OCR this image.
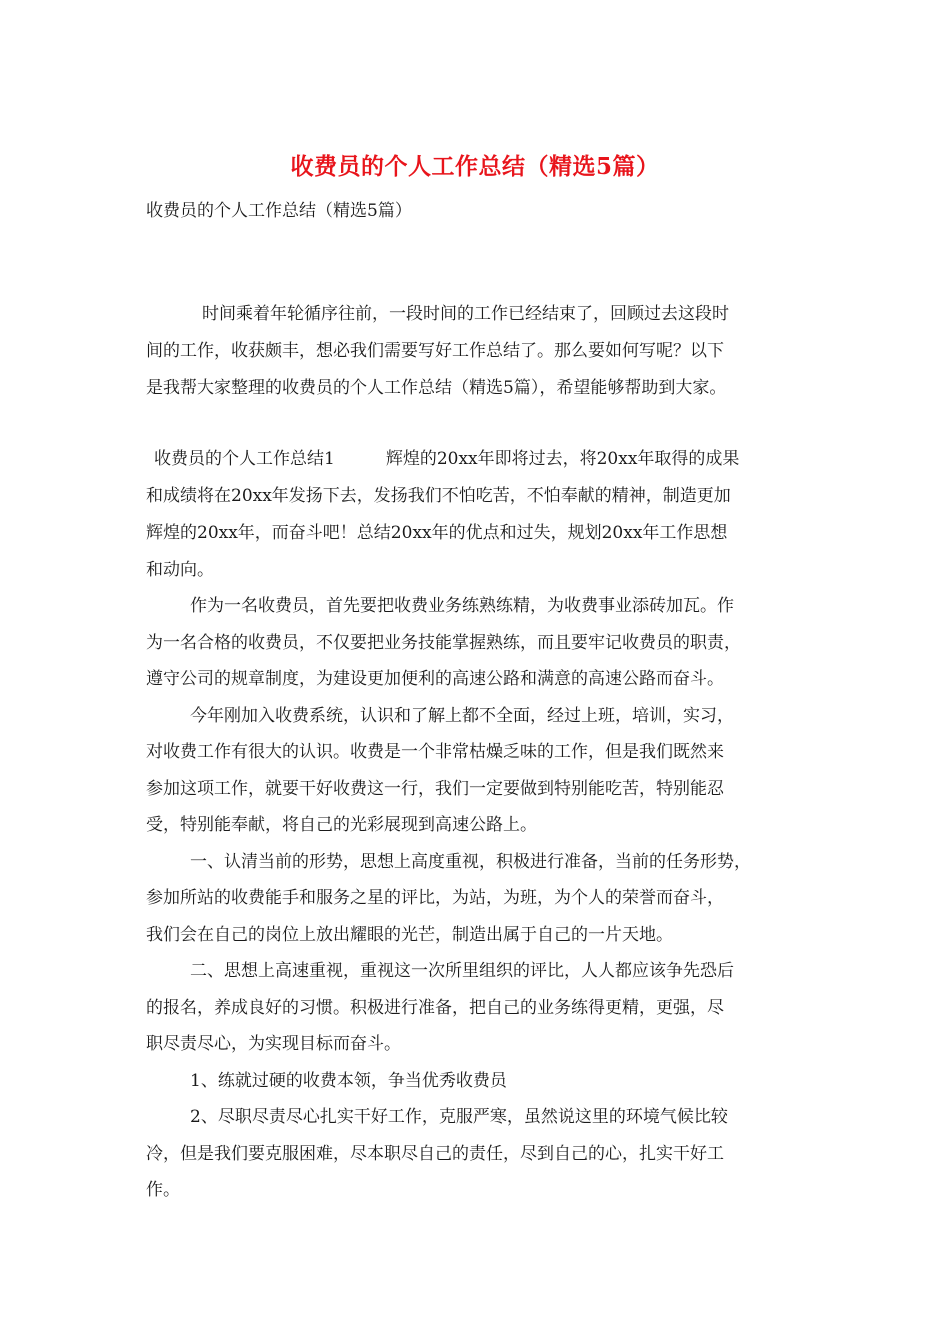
收费员的个人工作总结（精选5篇）
收费员的个人工作总结（精选5篇）
时间乘着年轮循序往前，一段时间的工作已经结束了，回顾过去这段时
间的工作，收获颇丰，想必我们需要写好工作总结了。那么要如何写呢？以下
是我帮大家整理的收费员的个人工作总结（精选5篇），希望能够帮助到大家。
收费员的个人工作总结1　　　辉煌的20xx年即将过去，将20xx年取得的成果
和成绩将在20xx年发扬下去，发扬我们不怕吃苦，不怕奉献的精神，制造更加
辉煌的20xx年，而奋斗吧！总结20xx年的优点和过失，规划20xx年工作思想
和动向。
作为一名收费员，首先要把收费业务练熟练精，为收费事业添砖加瓦。作
为一名合格的收费员，不仅要把业务技能掌握熟练，而且要牢记收费员的职责，
遵守公司的规章制度，为建设更加便利的高速公路和满意的高速公路而奋斗。
今年刚加入收费系统，认识和了解上都不全面，经过上班，培训，实习，
对收费工作有很大的认识。收费是一个非常枯燥乏味的工作，但是我们既然来
参加这项工作，就要干好收费这一行，我们一定要做到特别能吃苦，特别能忍
受，特别能奉献，将自己的光彩展现到高速公路上。
一、认清当前的形势，思想上高度重视，积极进行准备，当前的任务形势，
参加所站的收费能手和服务之星的评比，为站，为班，为个人的荣誉而奋斗，
我们会在自己的岗位上放出耀眼的光芒，制造出属于自己的一片天地。
二、思想上高速重视，重视这一次所里组织的评比，人人都应该争先恐后
的报名，养成良好的习惯。积极进行准备，把自己的业务练得更精，更强，尽
职尽责尽心，为实现目标而奋斗。
1、练就过硬的收费本领，争当优秀收费员
2、尽职尽责尽心扎实干好工作，克服严寒，虽然说这里的环境气候比较
冷，但是我们要克服困难，尽本职尽自己的责任，尽到自己的心，扎实干好工
作。
